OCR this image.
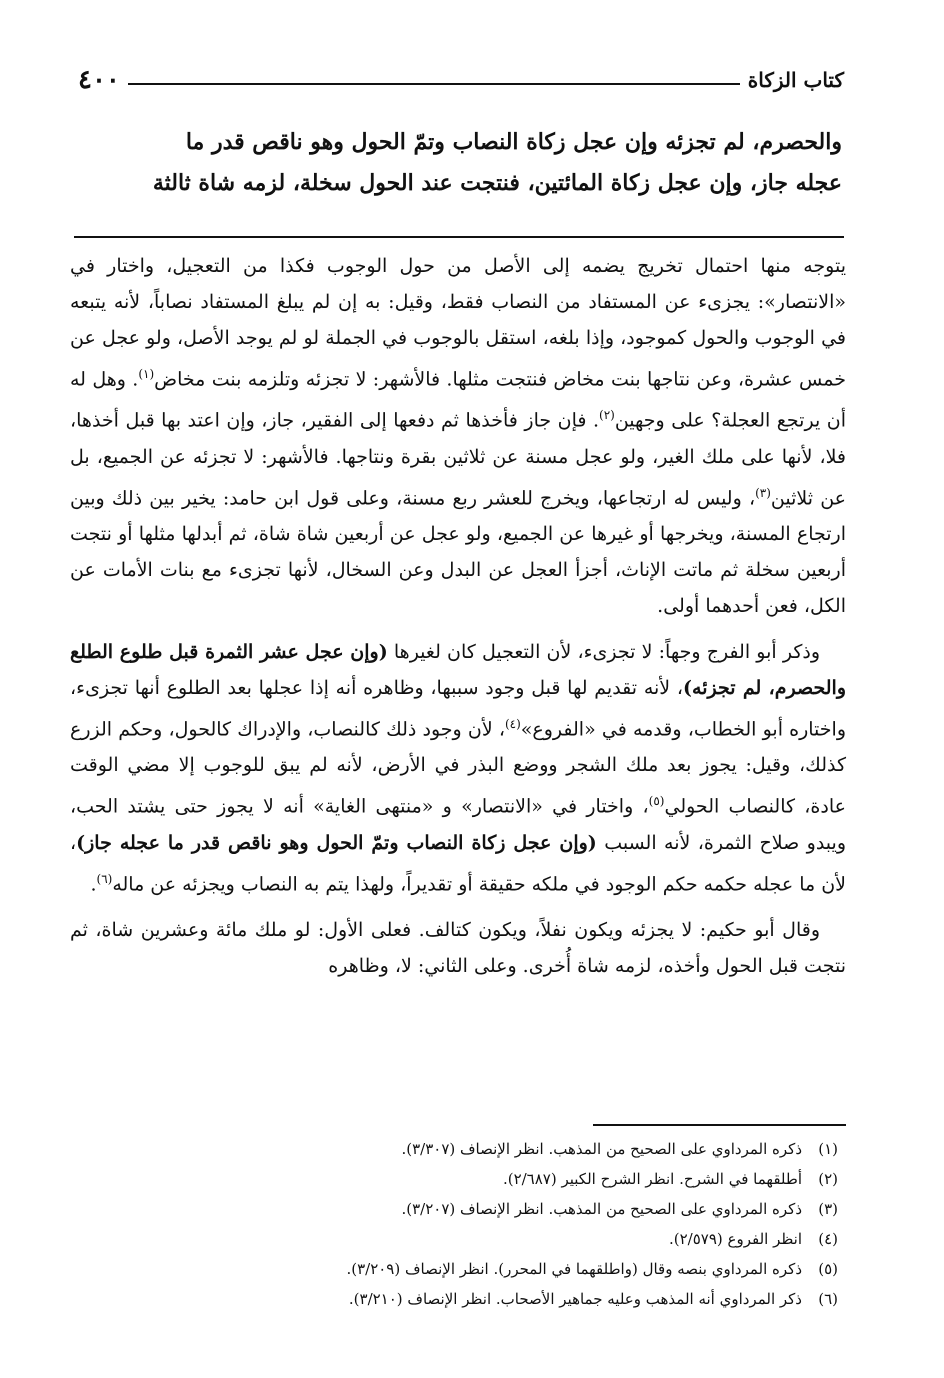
كتاب الزكاة
٤٠٠

والحصرم، لم تجزئه وإن عجل زكاة النصاب وتمّ الحول وهو ناقص قدر ما

عجله جاز، وإن عجل زكاة المائتين، فنتجت عند الحول سخلة، لزمه شاة ثالثة

يتوجه منها احتمال تخريج يضمه إلى الأصل من حول الوجوب فكذا من التعجيل، واختار في «الانتصار»: يجزىء عن المستفاد من النصاب فقط، وقيل: به إن لم يبلغ المستفاد نصاباً، لأنه يتبعه في الوجوب والحول كموجود، وإذا بلغه، استقل بالوجوب في الجملة لو لم يوجد الأصل، ولو عجل عن خمس عشرة، وعن نتاجها بنت مخاض فنتجت مثلها. فالأشهر: لا تجزئه وتلزمه بنت مخاض$^{(١)}$. وهل له أن يرتجع العجلة؟ على وجهين$^{(٢)}$. فإن جاز فأخذها ثم دفعها إلى الفقير، جاز، وإن اعتد بها قبل أخذها، فلا، لأنها على ملك الغير، ولو عجل مسنة عن ثلاثين بقرة ونتاجها. فالأشهر: لا تجزئه عن الجميع، بل عن ثلاثين$^{(٣)}$، وليس له ارتجاعها، ويخرج للعشر ربع مسنة، وعلى قول ابن حامد: يخير بين ذلك وبين ارتجاع المسنة، ويخرجها أو غيرها عن الجميع، ولو عجل عن أربعين شاة شاة، ثم أبدلها مثلها أو نتجت أربعين سخلة ثم ماتت الإناث، أجزأ العجل عن البدل وعن السخال، لأنها تجزىء مع بنات الأمات عن الكل، فعن أحدهما أولى.

وذكر أبو الفرج وجهاً: لا تجزىء، لأن التعجيل كان لغيرها (وإن عجل عشر الثمرة قبل طلوع الطلع والحصرم، لم تجزئه)، لأنه تقديم لها قبل وجود سببها، وظاهره أنه إذا عجلها بعد الطلوع أنها تجزىء، واختاره أبو الخطاب، وقدمه في «الفروع»$^{(٤)}$، لأن وجود ذلك كالنصاب، والإدراك كالحول، وحكم الزرع كذلك، وقيل: يجوز بعد ملك الشجر ووضع البذر في الأرض، لأنه لم يبق للوجوب إلا مضي الوقت عادة، كالنصاب الحولي$^{(٥)}$، واختار في «الانتصار» و «منتهى الغاية» أنه لا يجوز حتى يشتد الحب، ويبدو صلاح الثمرة، لأنه السبب (وإن عجل زكاة النصاب وتمّ الحول وهو ناقص قدر ما عجله جاز)، لأن ما عجله حكمه حكم الوجود في ملكه حقيقة أو تقديراً، ولهذا يتم به النصاب ويجزئه عن ماله$^{(٦)}$.

وقال أبو حكيم: لا يجزئه ويكون نفلاً، ويكون كتالف. فعلى الأول: لو ملك مائة وعشرين شاة، ثم نتجت قبل الحول وأخذه، لزمه شاة أُخرى. وعلى الثاني: لا، وظاهره

(١)ذكره المرداوي على الصحيح من المذهب. انظر الإنصاف (٣/٣٠٧).

(٢)أطلقهما في الشرح. انظر الشرح الكبير (٢/٦٨٧).

(٣)ذكره المرداوي على الصحيح من المذهب. انظر الإنصاف (٣/٢٠٧).

(٤)انظر الفروع (٢/٥٧٩).

(٥)ذكره المرداوي بنصه وقال (واطلقهما في المحرر). انظر الإنصاف (٣/٢٠٩).

(٦)ذكر المرداوي أنه المذهب وعليه جماهير الأصحاب. انظر الإنصاف (٣/٢١٠).
